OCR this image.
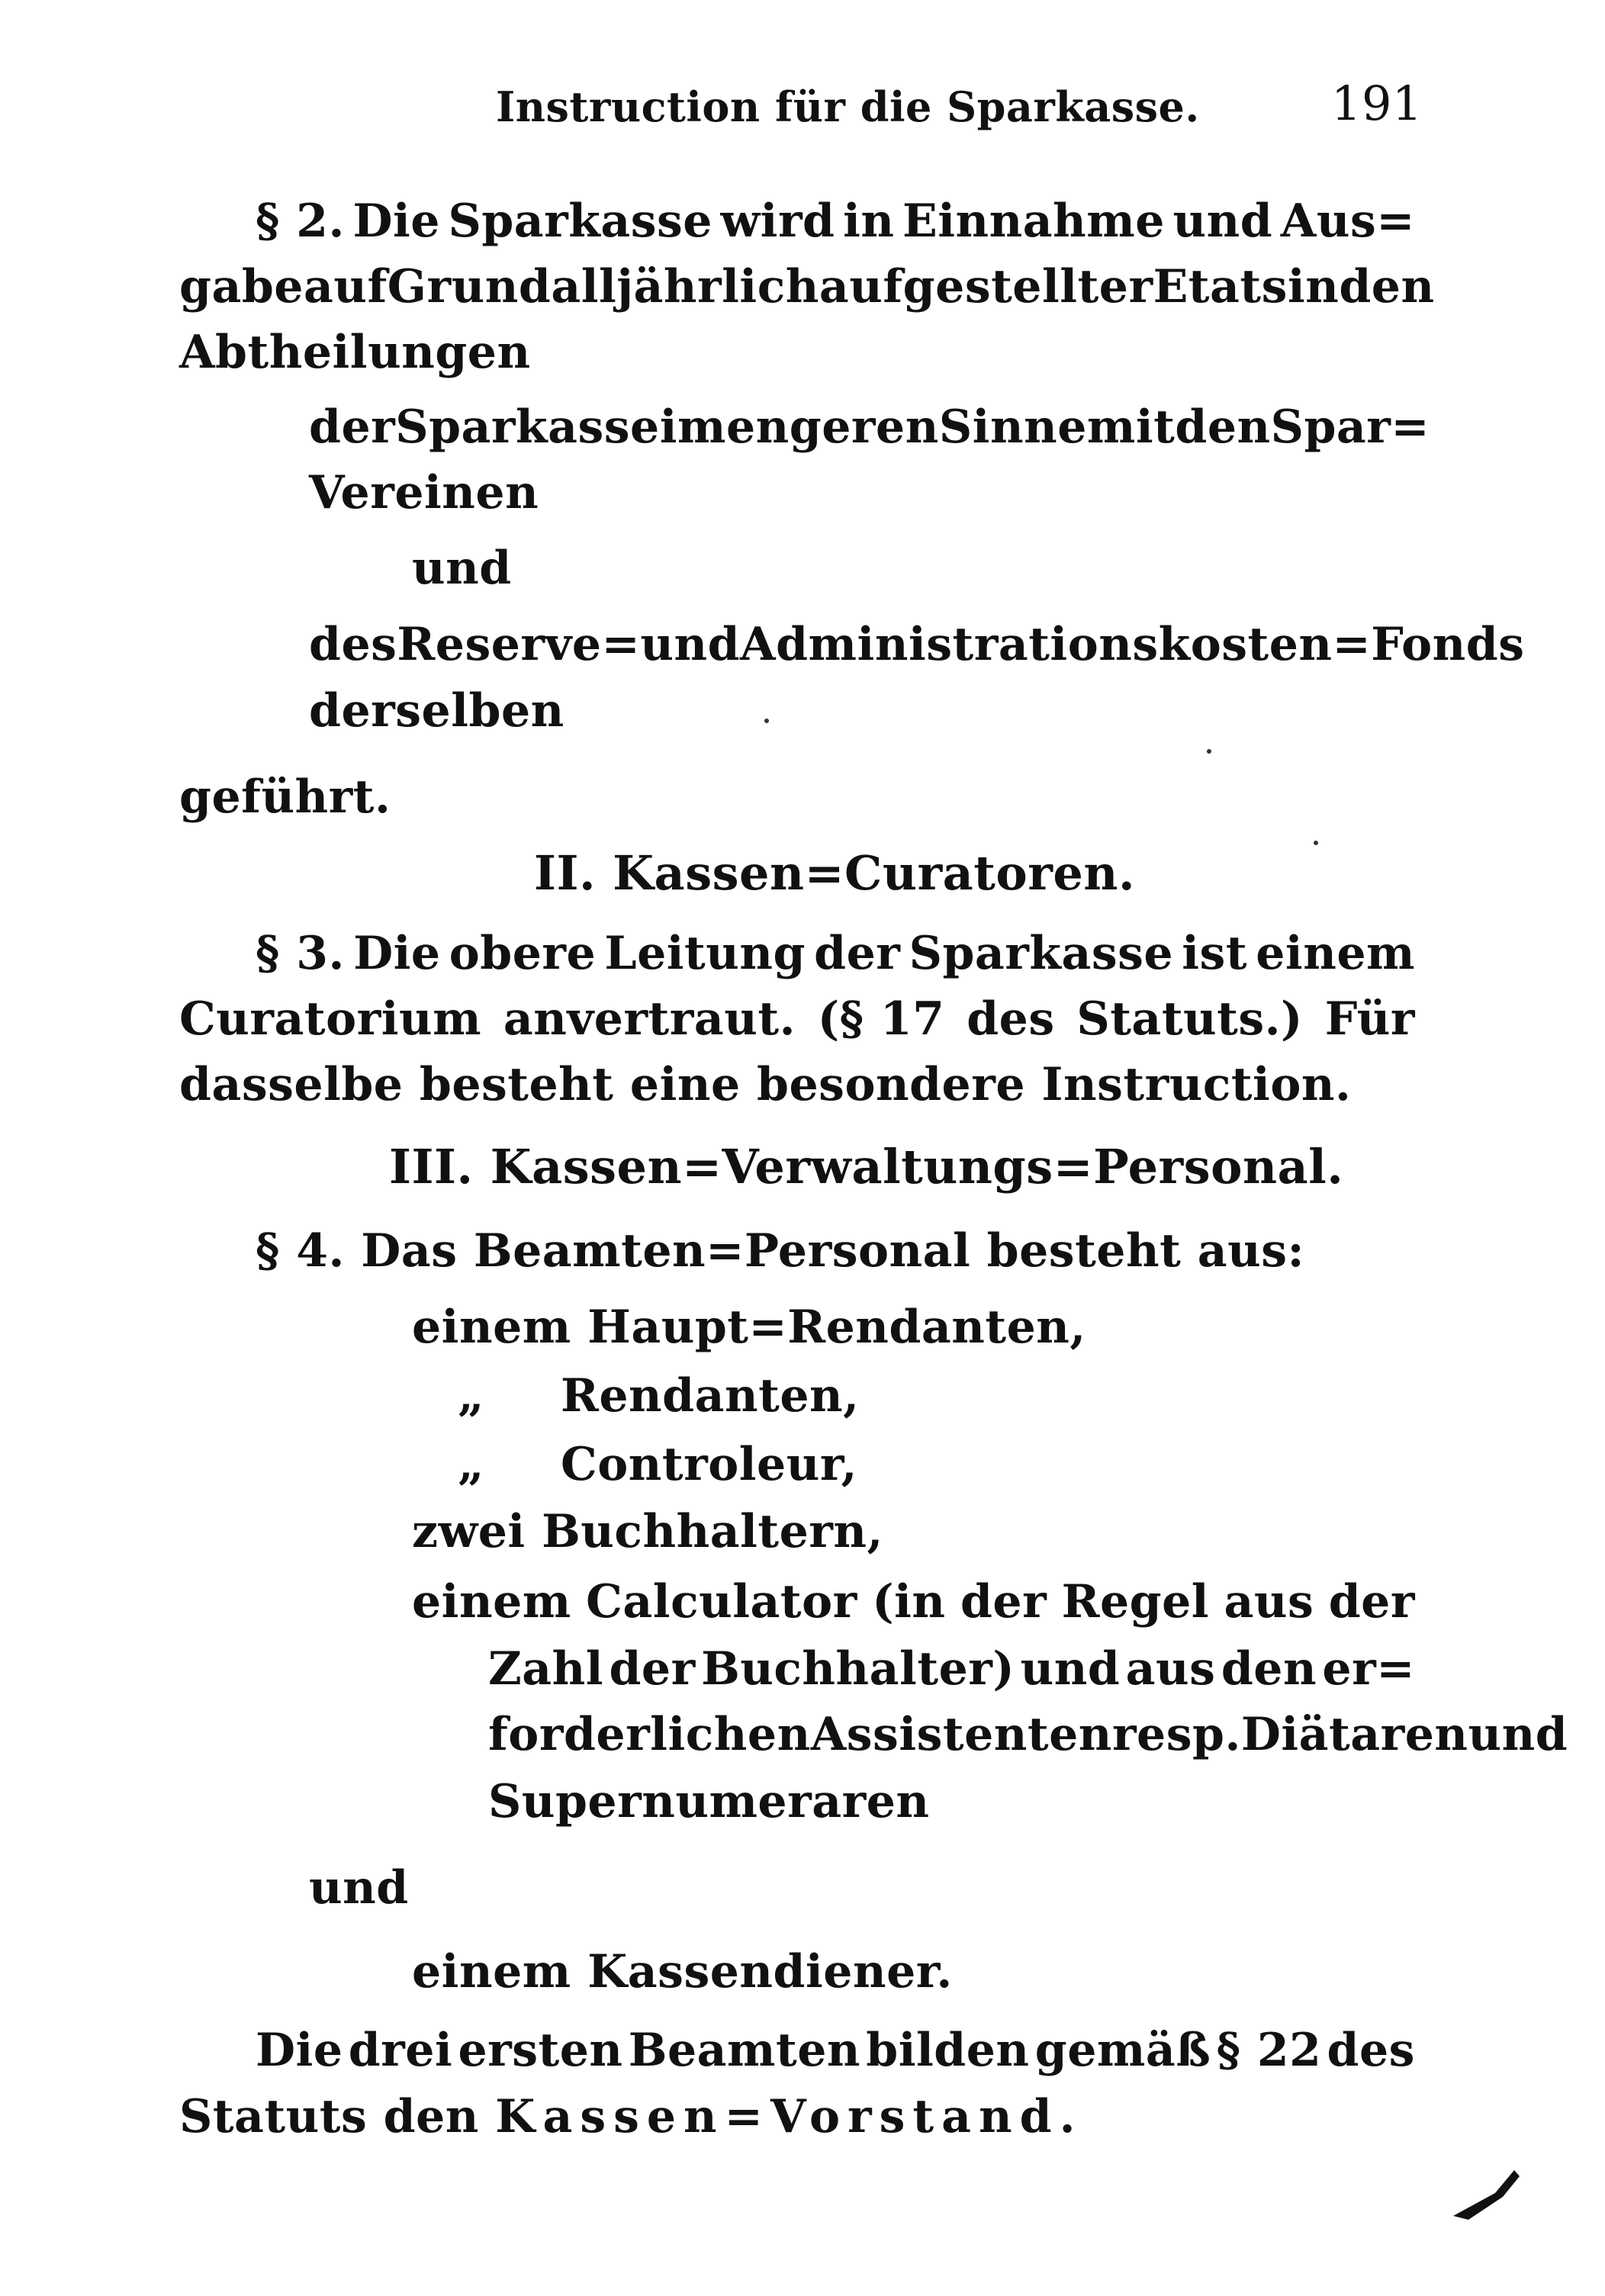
Instruction für die Sparkasse.	191
§ 2. Die Sparkasse wird in Einnahme und Aus=
gabe auf Grund alljährlich aufgestellter Etats in den
Abtheilungen
der Sparkasse im engeren Sinne mit den Spar=
Vereinen
und
des Reserve= und Administrationskosten=Fonds
derselben
geführt.
II. Kassen=Curatoren.
§ 3. Die obere Leitung der Sparkasse ist einem
Curatorium anvertraut. (§ 17 des Statuts.) Für
dasselbe besteht eine besondere Instruction.
III. Kassen=Verwaltungs=Personal.
§ 4. Das Beamten=Personal besteht aus:
einem Haupt=Rendanten,
„ Rendanten,
„ Controleur,
zwei Buchhaltern,
einem Calculator (in der Regel aus der
Zahl der Buchhalter) und aus den er=
forderlichen Assistenten resp. Diätaren und
Supernumeraren
und
einem Kassendiener.
Die drei ersten Beamten bilden gemäß § 22 des
Statuts den Kassen=Vorstand.
